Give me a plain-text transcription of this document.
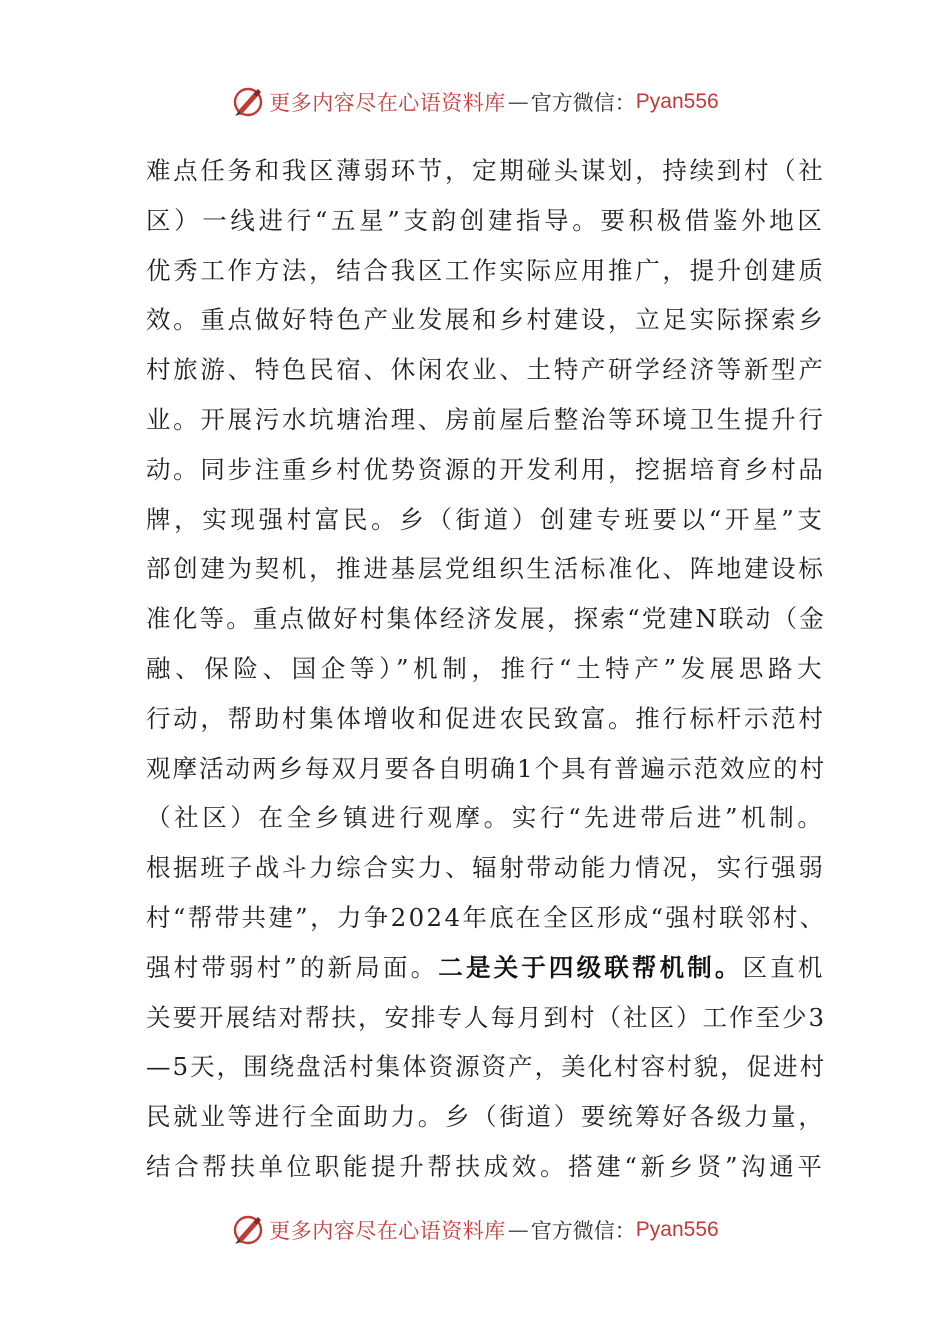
更多内容尽在心语资料库 — 官方微信： Pyan556
难点任务和我区薄弱环节，定期碰头谋划，持续到村（社
区）一线进行“五星”支韵创建指导。要积极借鉴外地区
优秀工作方法，结合我区工作实际应用推广，提升创建质
效。重点做好特色产业发展和乡村建设，立足实际探索乡
村旅游、特色民宿、休闲农业、土特产研学经济等新型产
业。开展污水坑塘治理、房前屋后整治等环境卫生提升行
动。同步注重乡村优势资源的开发利用，挖据培育乡村品
牌，实现强村富民。乡（街道）创建专班要以“开星”支
部创建为契机，推进基层党组织生活标准化、阵地建设标
准化等。重点做好村集体经济发展，探索“党建N联动（金
融、保险、国企等）”机制，推行“土特产”发展思路大
行动，帮助村集体增收和促进农民致富。推行标杆示范村
观摩活动两乡每双月要各自明确1个具有普遍示范效应的村
（社区）在全乡镇进行观摩。实行“先进带后进”机制。
根据班子战斗力综合实力、辐射带动能力情况，实行强弱
村“帮带共建”，力争2024年底在全区形成“强村联邻村、
强村带弱村”的新局面。二是关于四级联帮机制。区直机
关要开展结对帮扶，安排专人每月到村（社区）工作至少3
—5天，围绕盘活村集体资源资产，美化村容村貌，促进村
民就业等进行全面助力。乡（街道）要统筹好各级力量，
结合帮扶单位职能提升帮扶成效。搭建“新乡贤”沟通平
更多内容尽在心语资料库 — 官方微信： Pyan556
